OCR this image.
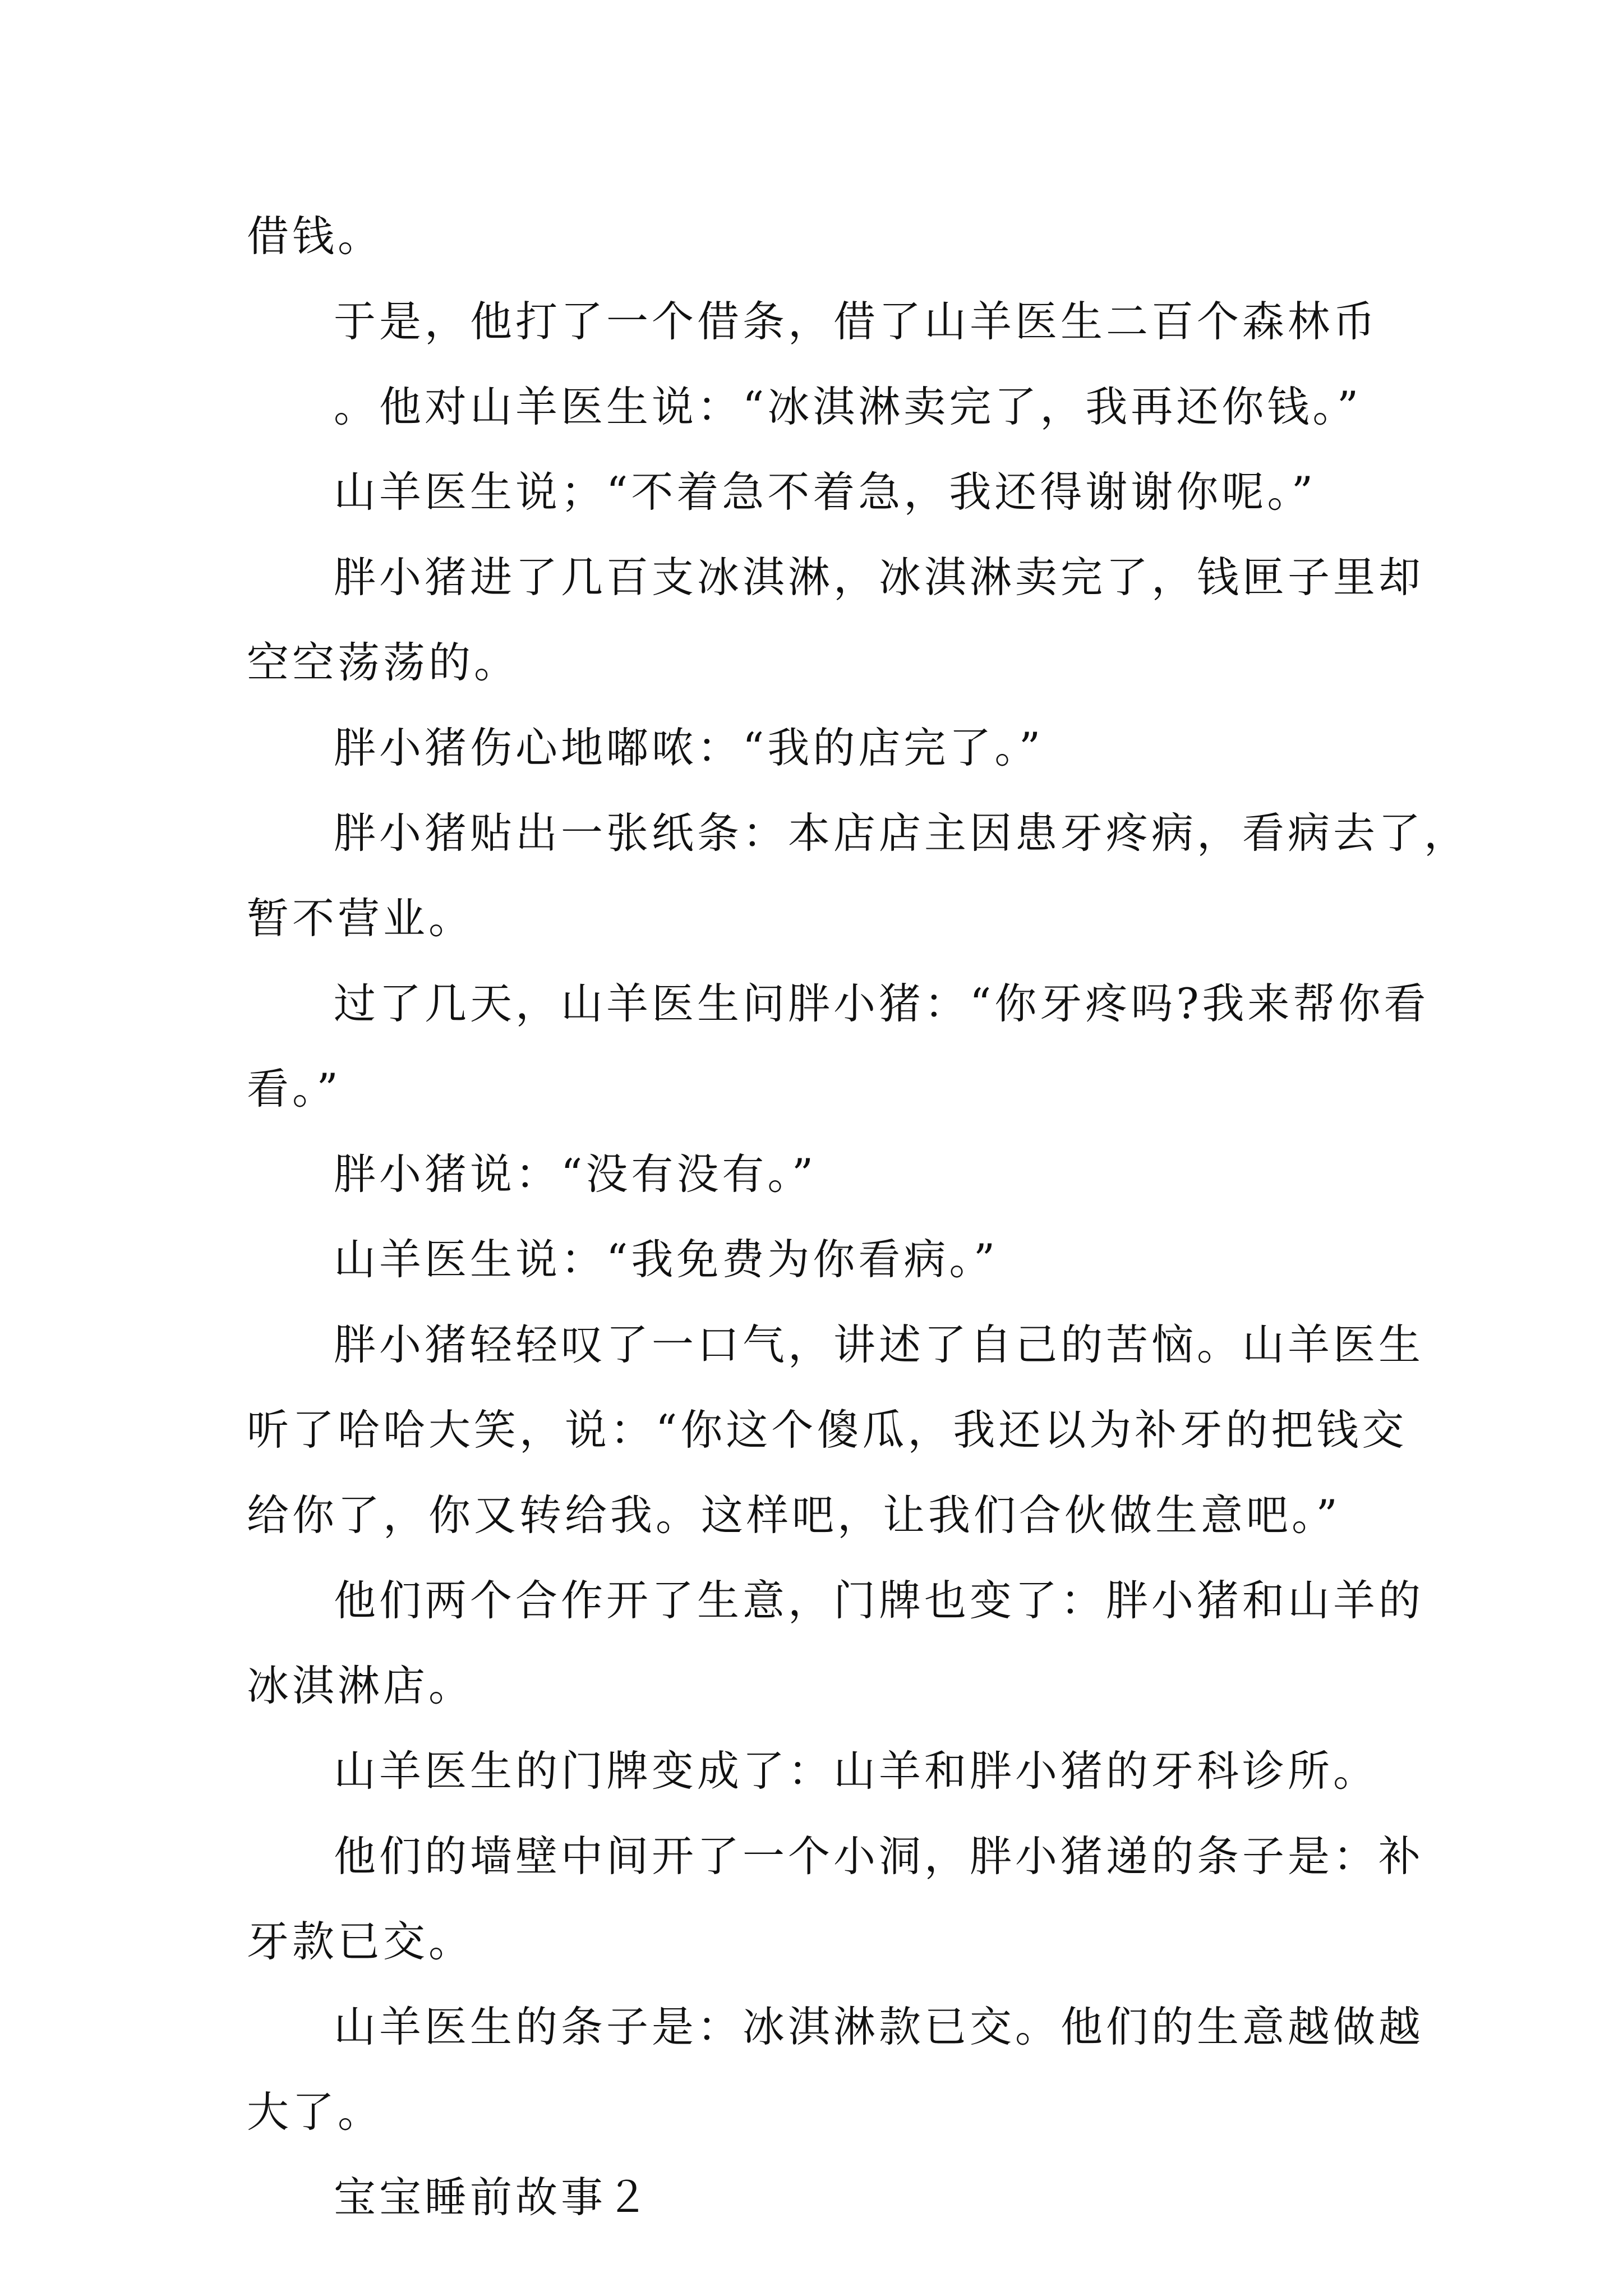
借钱。
于是，他打了一个借条，借了山羊医生二百个森林币
。他对山羊医生说：“冰淇淋卖完了，我再还你钱。”
山羊医生说；“不着急不着急，我还得谢谢你呢。”
胖小猪进了几百支冰淇淋，冰淇淋卖完了，钱匣子里却
空空荡荡的。
胖小猪伤心地嘟哝：“我的店完了。”
胖小猪贴出一张纸条：本店店主因患牙疼病，看病去了，
暂不营业。
过了几天，山羊医生问胖小猪：“你牙疼吗?我来帮你看
看。”
胖小猪说：“没有没有。”
山羊医生说：“我免费为你看病。”
胖小猪轻轻叹了一口气，讲述了自己的苦恼。山羊医生
听了哈哈大笑，说：“你这个傻瓜，我还以为补牙的把钱交
给你了，你又转给我。这样吧，让我们合伙做生意吧。”
他们两个合作开了生意，门牌也变了：胖小猪和山羊的
冰淇淋店。
山羊医生的门牌变成了：山羊和胖小猪的牙科诊所。
他们的墙壁中间开了一个小洞，胖小猪递的条子是：补
牙款已交。
山羊医生的条子是：冰淇淋款已交。他们的生意越做越
大了。
宝宝睡前故事２
